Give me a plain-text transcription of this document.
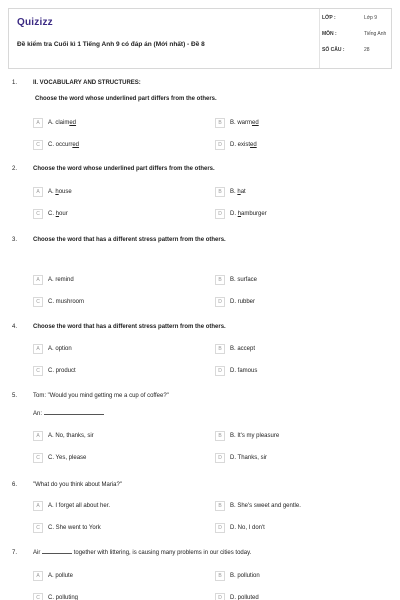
Quizizz
Đề kiểm tra Cuối kì 1 Tiếng Anh 9 có đáp án (Mới nhất) - Đề 8
LỚP :	Lớp 9
MÔN :	Tiếng Anh
SỐ CÂU :	28
1.	II. VOCABULARY AND STRUCTURES:
Choose the word whose underlined part differs from the others.
A	A. claimed	B	B. warmed
C	C. occurred	D	D. existed
2.	Choose the word whose underlined part differs from the others.
A	A. house	B	B. hat
C	C. hour	D	D. hamburger
3.	Choose the word that has a different stress pattern from the others.
A	A. remind	B	B. surface
C	C. mushroom	D	D. rubber
4.	Choose the word that has a different stress pattern from the others.
A	A. option	B	B. accept
C	C. product	D	D. famous
5.	Tom: "Would you mind getting me a cup of coffee?"
An:
A	A. No, thanks, sir	B	B. It's my pleasure
C	C. Yes, please	D	D. Thanks, sir
6.	"What do you think about Maria?"
A	A. I forget all about her.	B	B. She's sweet and gentle.
C	C. She went to York	D	D. No, I don't
7.	Air	together with littering, is causing many problems in our cities today.
A	A. pollute	B	B. pollution
C	C. polluting	D	D. polluted
